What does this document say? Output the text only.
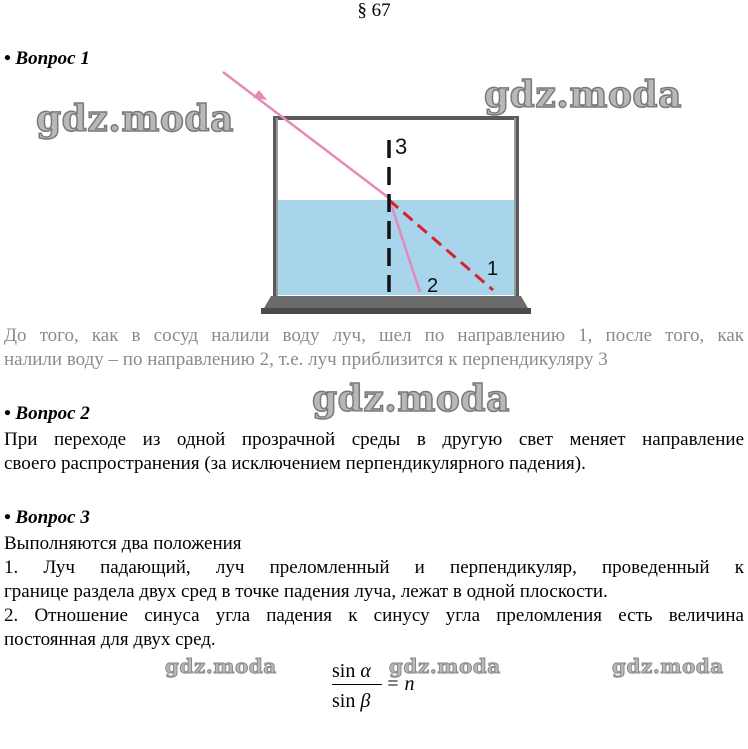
§ 67
• Вопрос 1
3
2
1
До того, как в сосуд налили воду луч, шел по направлению 1, после того, как
налили воду – по направлению 2, т.е. луч приблизится к перпендикуляру 3
• Вопрос 2
При переходе из одной прозрачной среды в другую свет меняет направление
своего распространения (за исключением перпендикулярного падения).
• Вопрос 3
Выполняются два положения
1. Луч падающий, луч преломленный и перпендикуляр, проведенный к
границе раздела двух сред в точке падения луча, лежат в одной плоскости.
2. Отношение синуса угла падения к синусу угла преломления есть величина
постоянная для двух сред.
sin α
= n
sin β
gdz.moda
gdz.moda
gdz.moda
gdz.moda	gdz.moda	gdz.moda
